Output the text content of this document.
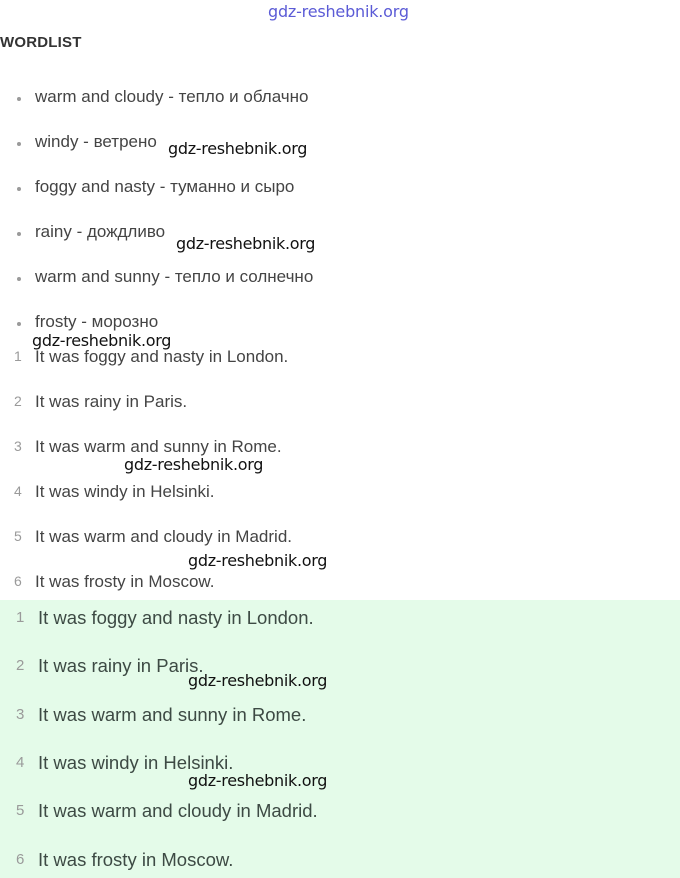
gdz-reshebnik.org
WORDLIST
warm and cloudy - тепло и облачно
windy - ветрено
foggy and nasty - туманно и сыро
rainy - дождливо
warm and sunny - тепло и солнечно
frosty - морозно
1 It was foggy and nasty in London.
2 It was rainy in Paris.
3 It was warm and sunny in Rome.
4 It was windy in Helsinki.
5 It was warm and cloudy in Madrid.
6 It was frosty in Moscow.
1 It was foggy and nasty in London.
2 It was rainy in Paris.
3 It was warm and sunny in Rome.
4 It was windy in Helsinki.
5 It was warm and cloudy in Madrid.
6 It was frosty in Moscow.
gdz-reshebnik.org
gdz-reshebnik.org
gdz-reshebnik.org
gdz-reshebnik.org
gdz-reshebnik.org
gdz-reshebnik.org
gdz-reshebnik.org
